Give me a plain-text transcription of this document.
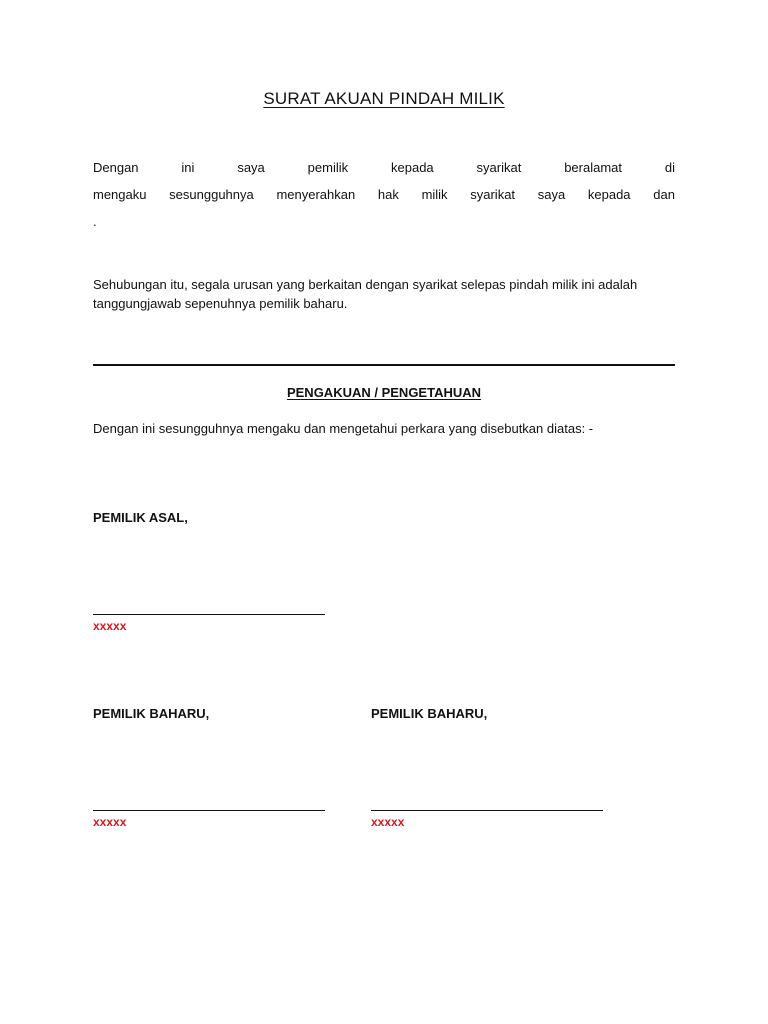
SURAT AKUAN PINDAH MILIK
Dengan	ini	saya	pemilik	kepada	syarikat	beralamat	di
mengaku sesungguhnya menyerahkan hak milik syarikat saya kepada dan
.

Sehubungan itu, segala urusan yang berkaitan dengan syarikat selepas pindah milik ini adalah tanggungjawab sepenuhnya pemilik baharu.

PENGAKUAN / PENGETAHUAN
Dengan ini sesungguhnya mengaku dan mengetahui perkara yang disebutkan diatas: -
PEMILIK ASAL,
xxxxx
PEMILIK BAHARU,
xxxxx
PEMILIK BAHARU,
xxxxx
